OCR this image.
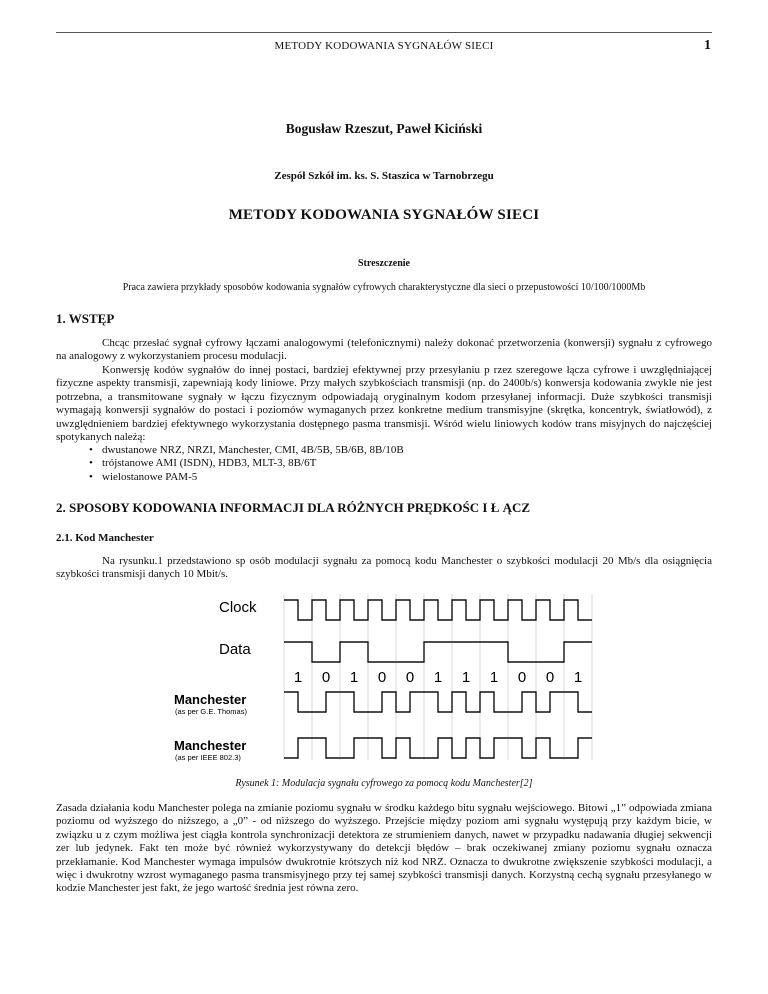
METODY KODOWANIA SYGNAŁÓW SIECI	1
Bogusław Rzeszut, Paweł Kiciński
Zespół Szkół im. ks. S. Staszica w Tarnobrzegu
METODY KODOWANIA SYGNAŁÓW SIECI
Streszczenie
Praca zawiera przykłady sposobów kodowania sygnałów cyfrowych charakterystyczne dla sieci o przepustowości 10/100/1000Mb
1. WSTĘP

Chcąc przesłać sygnał cyfrowy łączami analogowymi (telefonicznymi) należy dokonać przetworzenia (konwersji) sygnału z cyfrowego na analogowy z wykorzystaniem procesu modulacji.

Konwersję kodów sygnałów do innej postaci, bardziej efektywnej przy przesyłaniu p rzez szeregowe łącza cyfrowe i uwzględniającej fizyczne aspekty transmisji, zapewniają kody liniowe. Przy małych szybkościach transmisji (np. do 2400b/s) konwersja kodowania zwykle nie jest potrzebna, a transmitowane sygnały w łączu fizycznym odpowiadają oryginalnym kodom przesyłanej informacji. Duże szybkości transmisji wymagają konwersji sygnałów do postaci i poziomów wymaganych przez konkretne medium transmisyjne (skrętka, koncentryk, światłowód), z uwzględnieniem bardziej efektywnego wykorzystania dostępnego pasma transmisji. Wśród wielu liniowych kodów trans misyjnych do najczęściej spotykanych należą:

• dwustanowe NRZ, NRZI, Manchester, CMI, 4B/5B, 5B/6B, 8B/10B
• trójstanowe AMI (ISDN), HDB3, MLT-3, 8B/6T
• wielostanowe PAM-5
2. SPOSOBY KODOWANIA INFORMACJI DLA RÓŻNYCH PRĘDKOŚC I Ł ĄCZ
2.1. Kod Manchester

Na rysunku.1 przedstawiono sp osób modulacji sygnału za pomocą kodu Manchester o szybkości modulacji 20 Mb/s dla osiągnięcia szybkości transmisji danych 10 Mbit/s.

Clock
Data
Manchester
(as per G.E. Thomas)
Manchester
(as per IEEE 802.3)
1 0 1 0 0 1 1 1 0 0 1
Rysunek 1: Modulacja sygnału cyfrowego za pomocą kodu Manchester[2]

Zasada działania kodu Manchester polega na zmianie poziomu sygnału w środku każdego bitu sygnału wejściowego. Bitowi „1” odpowiada zmiana poziomu od wyższego do niższego, a „0” - od niższego do wyższego. Przejście między poziom ami sygnału występują przy każdym bicie, w związku u z czym możliwa jest ciągła kontrola synchronizacji detektora ze strumieniem danych, nawet w przypadku nadawania długiej sekwencji zer lub jedynek. Fakt ten może być również wykorzystywany do detekcji błędów – brak oczekiwanej zmiany poziomu sygnału oznacza przekłamanie. Kod Manchester wymaga impulsów dwukrotnie krótszych niż kod NRZ. Oznacza to dwukrotne zwiększenie szybkości modulacji, a więc i dwukrotny wzrost wymaganego pasma transmisyjnego przy tej samej szybkości transmisji danych. Korzystną cechą sygnału przesyłanego w kodzie Manchester jest fakt, że jego wartość średnia jest równa zero.
